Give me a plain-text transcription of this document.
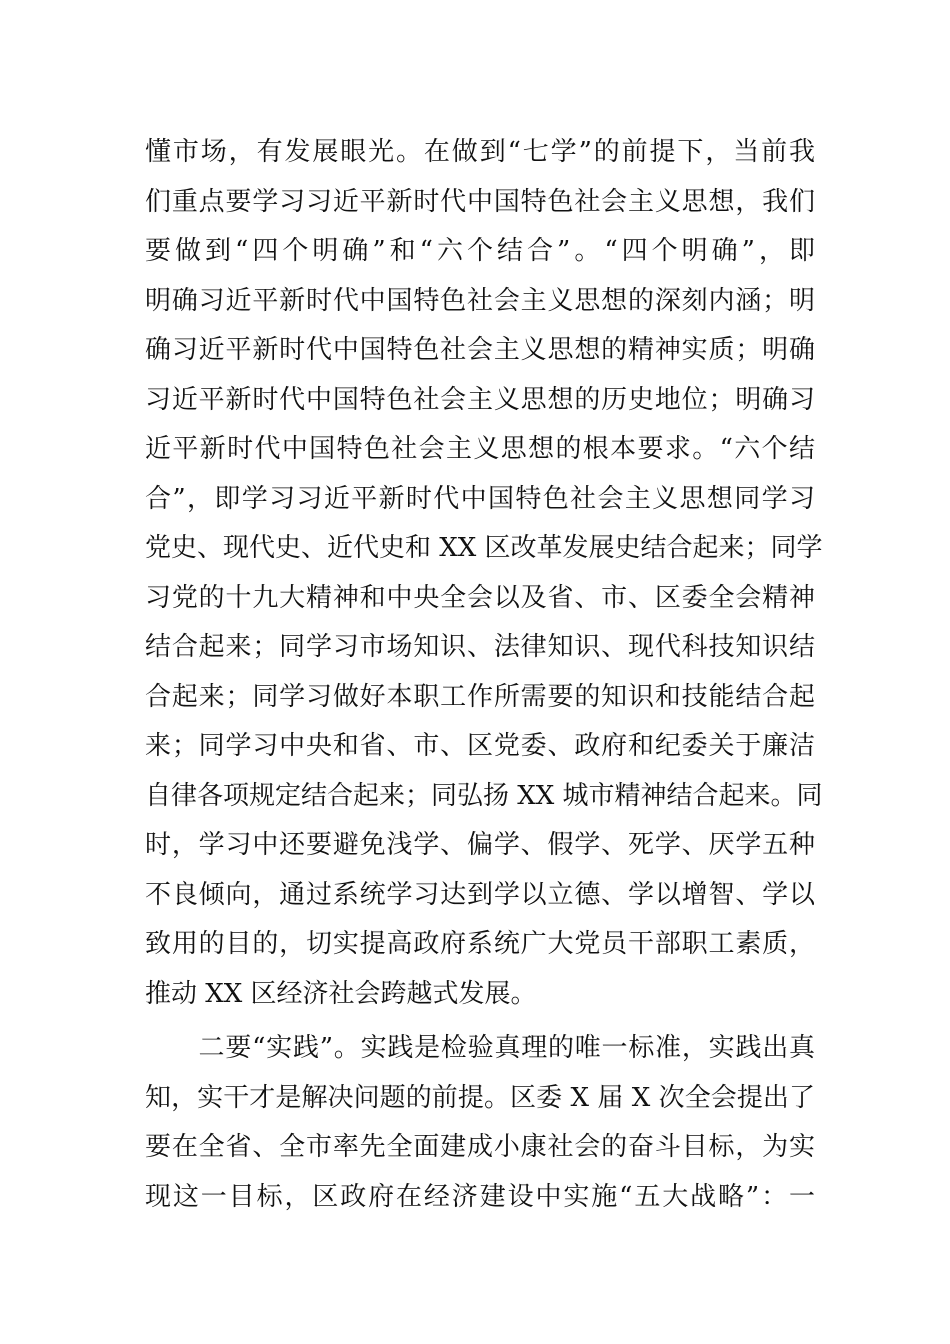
懂市场，有发展眼光。在做到“七学”的前提下，当前我
们重点要学习习近平新时代中国特色社会主义思想，我们
要做到“四个明确”和“六个结合”。“四个明确”，即
明确习近平新时代中国特色社会主义思想的深刻内涵；明
确习近平新时代中国特色社会主义思想的精神实质；明确
习近平新时代中国特色社会主义思想的历史地位；明确习
近平新时代中国特色社会主义思想的根本要求。“六个结
合”，即学习习近平新时代中国特色社会主义思想同学习
党史、现代史、近代史和 XX 区改革发展史结合起来；同学
习党的十九大精神和中央全会以及省、市、区委全会精神
结合起来；同学习市场知识、法律知识、现代科技知识结
合起来；同学习做好本职工作所需要的知识和技能结合起
来；同学习中央和省、市、区党委、政府和纪委关于廉洁
自律各项规定结合起来；同弘扬 XX 城市精神结合起来。同
时，学习中还要避免浅学、偏学、假学、死学、厌学五种
不良倾向，通过系统学习达到学以立德、学以增智、学以
致用的目的，切实提高政府系统广大党员干部职工素质，
推动 XX 区经济社会跨越式发展。
　　二要“实践”。实践是检验真理的唯一标准，实践出真
知，实干才是解决问题的前提。区委 X 届 X 次全会提出了
要在全省、全市率先全面建成小康社会的奋斗目标，为实
现这一目标，区政府在经济建设中实施“五大战略”：一
